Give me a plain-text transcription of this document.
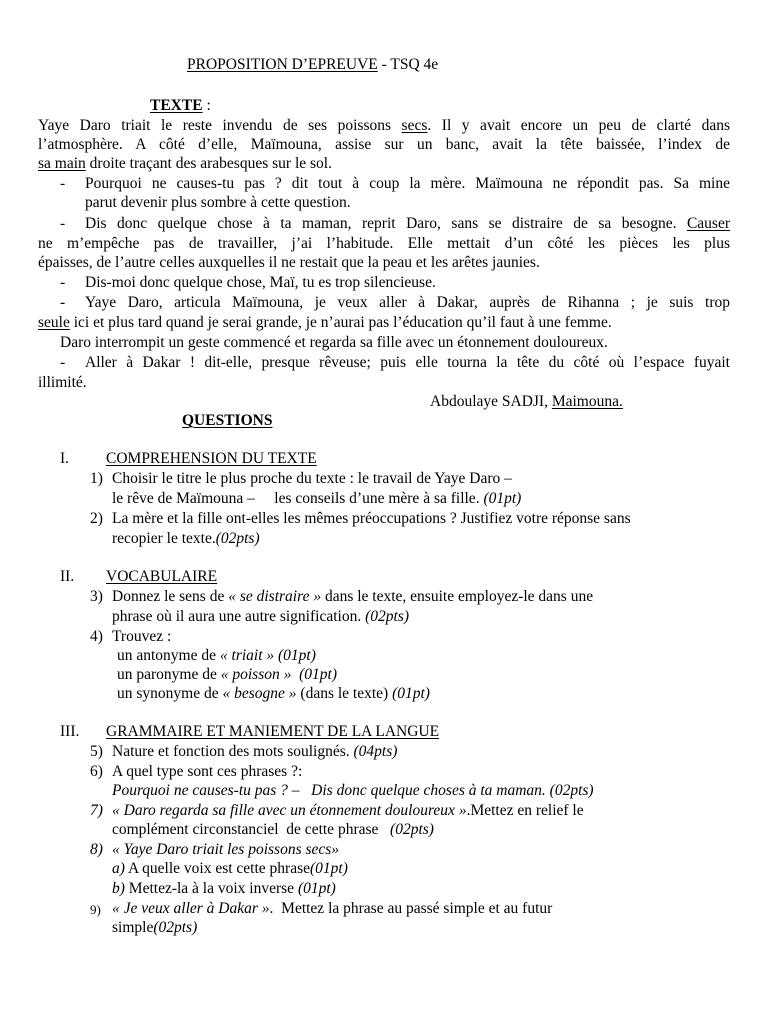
PROPOSITION D’EPREUVE - TSQ 4e
TEXTE :
Yaye Daro triait le reste invendu de ses poissons secs. Il y avait encore un peu de clarté dans
l’atmosphère. A côté d’elle, Maïmouna, assise sur un banc, avait la tête baissée, l’index de
sa main droite traçant des arabesques sur le sol.
- Pourquoi ne causes-tu pas ? dit tout à coup la mère. Maïmouna ne répondit pas. Sa mine
parut devenir plus sombre à cette question.
- Dis donc quelque chose à ta maman, reprit Daro, sans se distraire de sa besogne. Causer
ne m’empêche pas de travailler, j’ai l’habitude. Elle mettait d’un côté les pièces les plus
épaisses, de l’autre celles auxquelles il ne restait que la peau et les arêtes jaunies.
- Dis-moi donc quelque chose, Maï, tu es trop silencieuse.
- Yaye Daro, articula Maïmouna, je veux aller à Dakar, auprès de Rihanna ; je suis trop
seule ici et plus tard quand je serai grande, je n’aurai pas l’éducation qu’il faut à une femme.
Daro interrompit un geste commencé et regarda sa fille avec un étonnement douloureux.
- Aller à Dakar ! dit-elle, presque rêveuse; puis elle tourna la tête du côté où l’espace fuyait
illimité.
Abdoulaye SADJI, Maimouna.
QUESTIONS
I. COMPREHENSION DU TEXTE
1) Choisir le titre le plus proche du texte : le travail de Yaye Daro –
le rêve de Maïmouna –     les conseils d’une mère à sa fille. (01pt)
2) La mère et la fille ont-elles les mêmes préoccupations ? Justifiez votre réponse sans
recopier le texte.(02pts)
II. VOCABULAIRE
3) Donnez le sens de « se distraire » dans le texte, ensuite employez-le dans une
phrase où il aura une autre signification. (02pts)
4) Trouvez :
un antonyme de « triait » (01pt)
un paronyme de « poisson »  (01pt)
un synonyme de « besogne » (dans le texte) (01pt)
III. GRAMMAIRE ET MANIEMENT DE LA LANGUE
5) Nature et fonction des mots soulignés. (04pts)
6) A quel type sont ces phrases ?:
Pourquoi ne causes-tu pas ? –   Dis donc quelque choses à ta maman. (02pts)
7) « Daro regarda sa fille avec un étonnement douloureux ».Mettez en relief le
complément circonstanciel  de cette phrase   (02pts)
8) « Yaye Daro triait les poissons secs»
a) A quelle voix est cette phrase(01pt)
b) Mettez-la à la voix inverse (01pt)
9) « Je veux aller à Dakar ».  Mettez la phrase au passé simple et au futur
simple(02pts)
